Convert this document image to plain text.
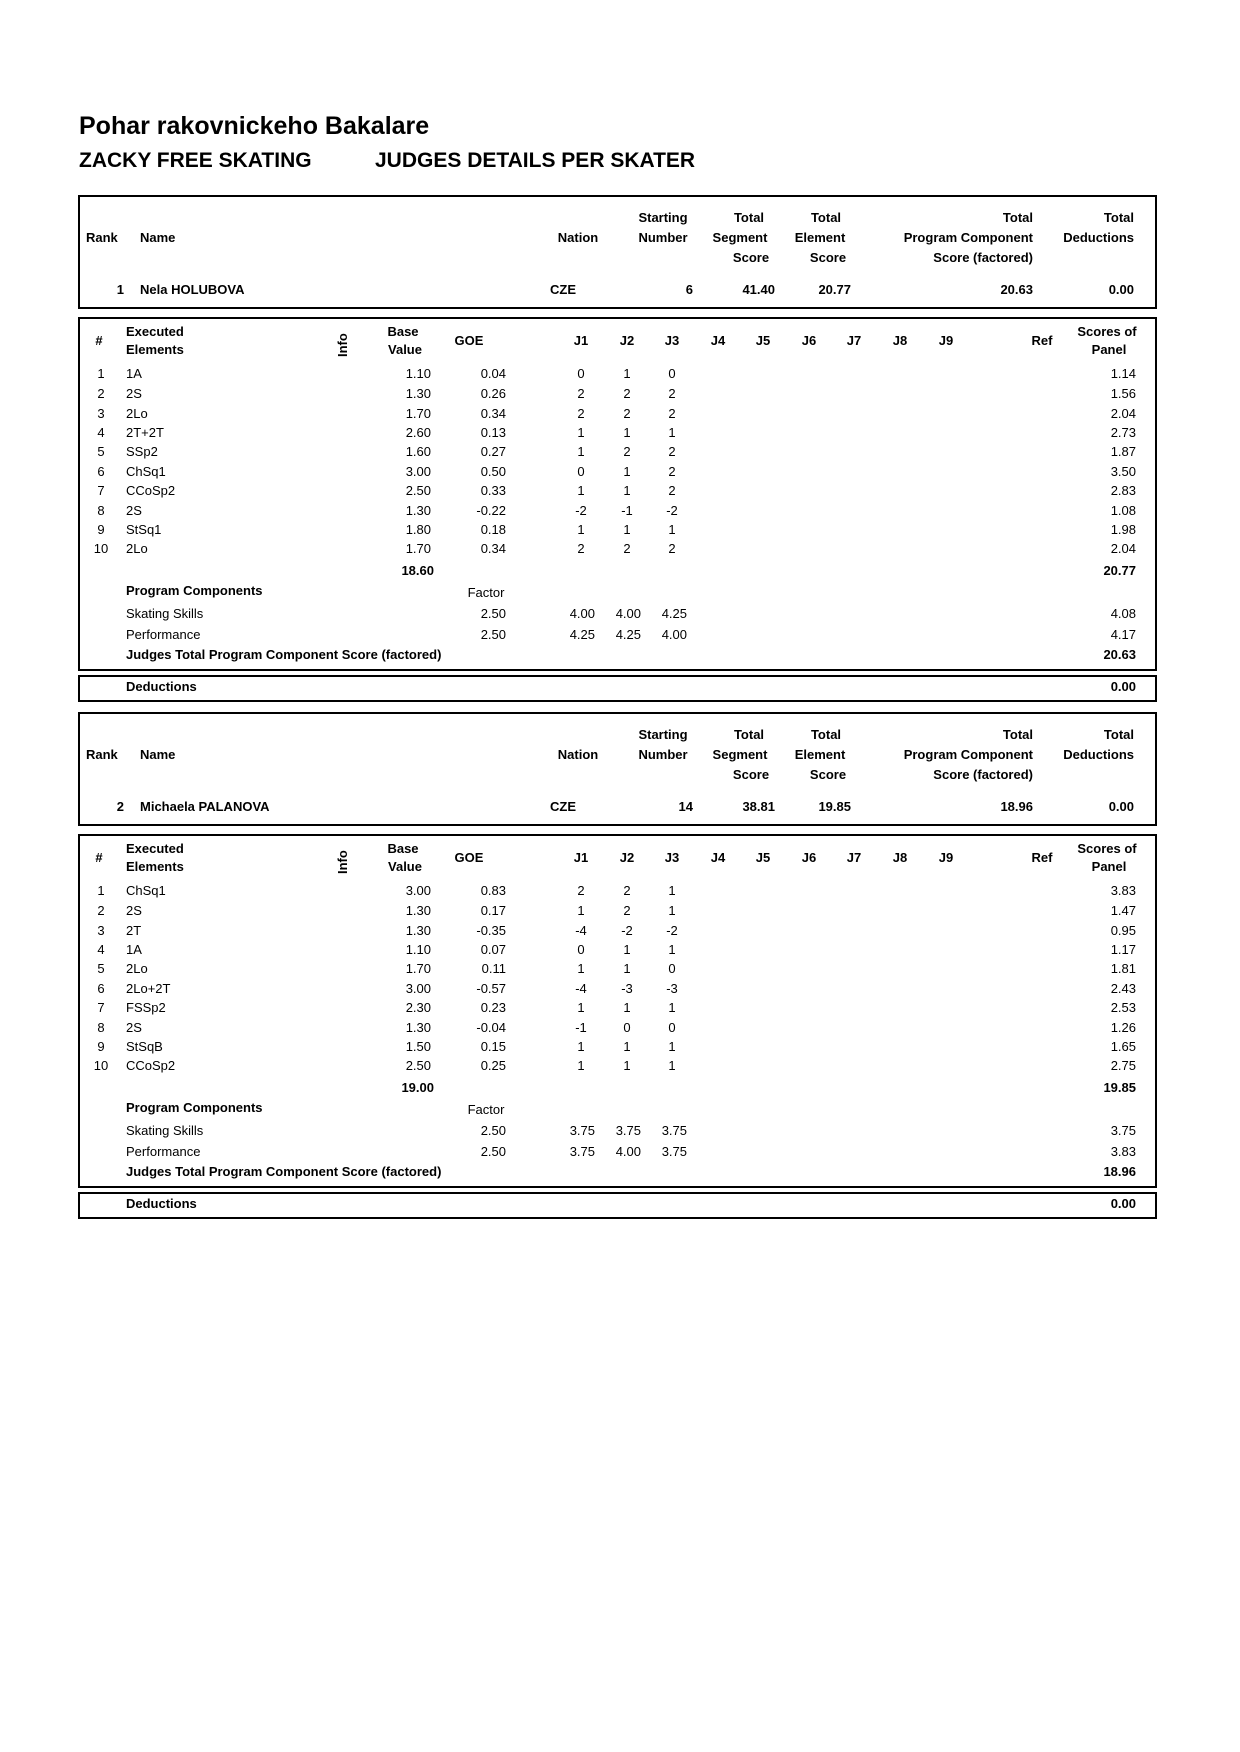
Pohar rakovnickeho Bakalare
ZACKY FREE SKATING	JUDGES DETAILS PER SKATER
Starting	Total	Total	Total	Total
Rank Name	Nation	Number	Segment	Element	Program Component	Deductions
Score	Score	Score (factored)
1 Nela HOLUBOVA	CZE	6	41.40	20.77	20.63	0.00
#
Executed
Elements	Info
Base
Value
GOE	J1	J2	J3	J4	J5	J6	J7	J8	J9	Ref
Scores of
Panel
1	1A	1.10	0.04	0	1	0	1.14
2	2S	1.30	0.26	2	2	2	1.56
3	2Lo	1.70	0.34	2	2	2	2.04
4	2T+2T	2.60	0.13	1	1	1	2.73
5	SSp2	1.60	0.27	1	2	2	1.87
6	ChSq1	3.00	0.50	0	1	2	3.50
7	CCoSp2	2.50	0.33	1	1	2	2.83
8	2S	1.30	-0.22	-2	-1	-2	1.08
9	StSq1	1.80	0.18	1	1	1	1.98
10	2Lo	1.70	0.34	2	2	2	2.04
18.60	20.77
Program Components	Factor
Skating Skills	2.50	4.00	4.00	4.25	4.08
Performance	2.50	4.25	4.25	4.00	4.17
Judges Total Program Component Score (factored)	20.63
Deductions	0.00
Starting	Total	Total	Total	Total
Rank Name	Nation	Number	Segment	Element	Program Component	Deductions
Score	Score	Score (factored)
2 Michaela PALANOVA	CZE	14	38.81	19.85	18.96	0.00
#
Executed
Elements	Info
Base
Value
GOE	J1	J2	J3	J4	J5	J6	J7	J8	J9	Ref
Scores of
Panel
1	ChSq1	3.00	0.83	2	2	1	3.83
2	2S	1.30	0.17	1	2	1	1.47
3	2T	1.30	-0.35	-4	-2	-2	0.95
4	1A	1.10	0.07	0	1	1	1.17
5	2Lo	1.70	0.11	1	1	0	1.81
6	2Lo+2T	3.00	-0.57	-4	-3	-3	2.43
7	FSSp2	2.30	0.23	1	1	1	2.53
8	2S	1.30	-0.04	-1	0	0	1.26
9	StSqB	1.50	0.15	1	1	1	1.65
10	CCoSp2	2.50	0.25	1	1	1	2.75
19.00	19.85
Program Components	Factor
Skating Skills	2.50	3.75	3.75	3.75	3.75
Performance	2.50	3.75	4.00	3.75	3.83
Judges Total Program Component Score (factored)	18.96
Deductions	0.00
